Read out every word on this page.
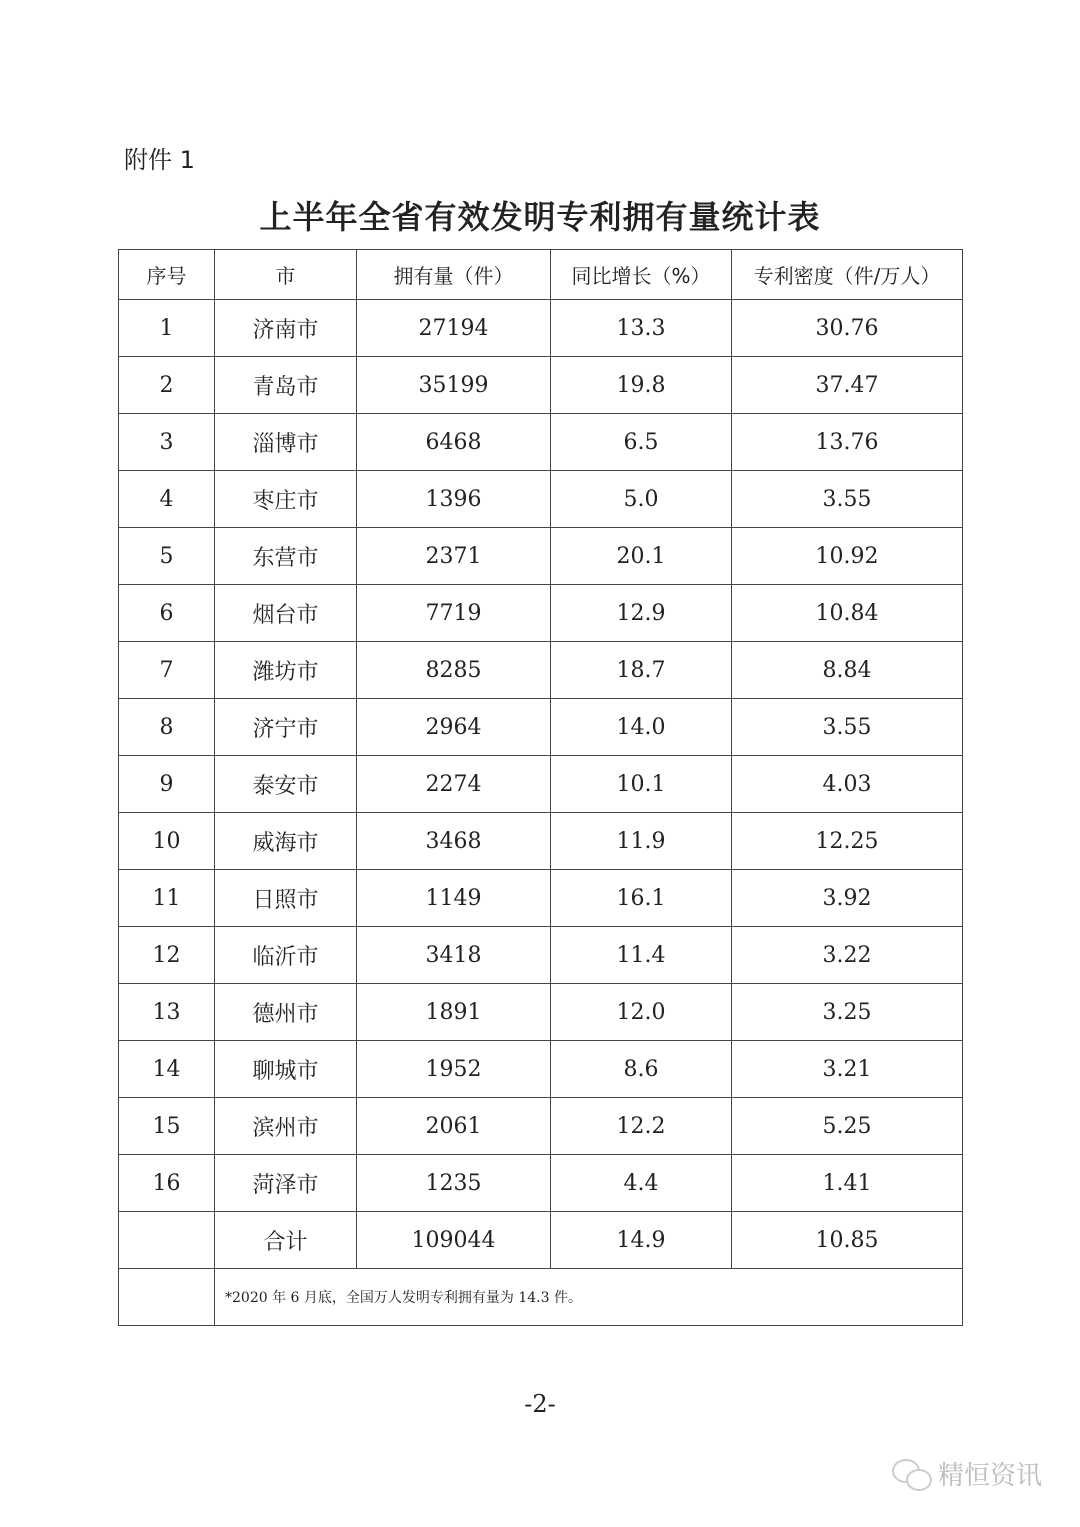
附件 1
上半年全省有效发明专利拥有量统计表
序号	市	拥有量（件）	同比增长（%）	专利密度（件/万人）
1	济南市	27194	13.3	30.76
2	青岛市	35199	19.8	37.47
3	淄博市	6468	6.5	13.76
4	枣庄市	1396	5.0	3.55
5	东营市	2371	20.1	10.92
6	烟台市	7719	12.9	10.84
7	潍坊市	8285	18.7	8.84
8	济宁市	2964	14.0	3.55
9	泰安市	2274	10.1	4.03
10	威海市	3468	11.9	12.25
11	日照市	1149	16.1	3.92
12	临沂市	3418	11.4	3.22
13	德州市	1891	12.0	3.25
14	聊城市	1952	8.6	3.21
15	滨州市	2061	12.2	5.25
16	菏泽市	1235	4.4	1.41
	合计	109044	14.9	10.85
	*2020 年 6 月底，全国万人发明专利拥有量为 14.3 件。			
-2-
精恒资讯
